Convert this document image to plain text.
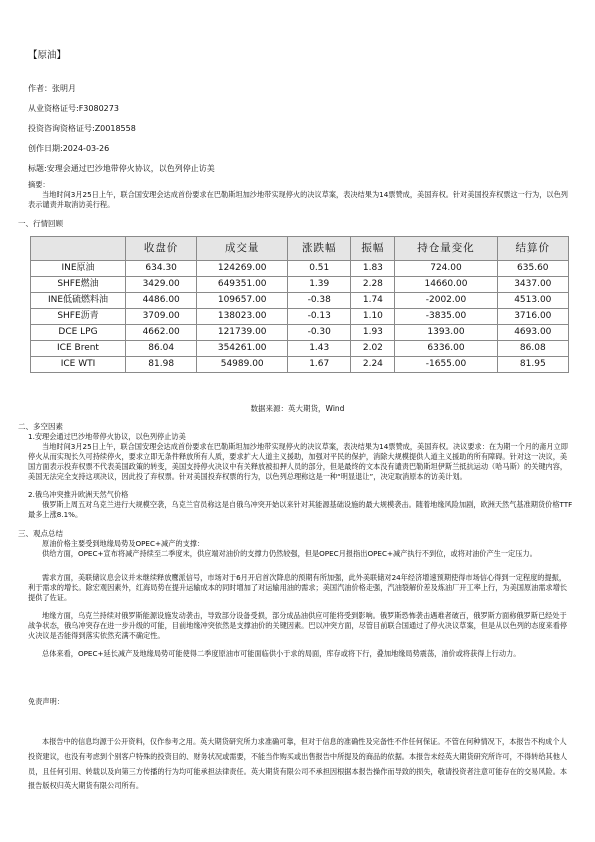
【原油】
作者：张明月
从业资格证号:F3080273
投资咨询资格证号:Z0018558
创作日期:2024-03-26
标题:安理会通过巴沙地带停火协议，以色列停止访美
摘要：
当地时间3月25日上午，联合国安理会达成首份要求在巴勒斯坦加沙地带实现停火的决议草案，表决结果为14票赞成，美国弃权。针对美国投弃权票这一行为，以色列表示谴责并取消访美行程。
一、行情回顾
	收盘价	成交量	涨跌幅	振幅	持仓量变化	结算价
INE原油	634.30	124269.00	0.51	1.83	724.00	635.60
SHFE燃油	3429.00	649351.00	1.39	2.28	14660.00	3437.00
INE低硫燃料油	4486.00	109657.00	-0.38	1.74	-2002.00	4513.00
SHFE沥青	3709.00	138023.00	-0.13	1.10	-3835.00	3716.00
DCE LPG	4662.00	121739.00	-0.30	1.93	1393.00	4693.00
ICE Brent	86.04	354261.00	1.43	2.02	6336.00	86.08
ICE WTI	81.98	54989.00	1.67	2.24	-1655.00	81.95
数据来源：英大期货，Wind
二、多空因素
1.安理会通过巴沙地带停火协议，以色列停止访美
当地时间3月25日上午，联合国安理会达成首份要求在巴勒斯坦加沙地带实现停火的决议草案，表决结果为14票赞成，美国弃权。决议要求：在为期一个月的斋月立即停火从而实现长久可持续停火，要求立即无条件释放所有人质，要求扩大人道主义援助，加强对平民的保护，消除大规模提供人道主义援助的所有障碍。针对这一决议，美国方面表示投弃权票不代表美国政策的转变，美国支持停火决议中有关释放被扣押人员的部分，但是最终的文本没有谴责巴勒斯坦伊斯兰抵抗运动（哈马斯）的关键内容，美国无法完全支持这项决议，因此投了弃权票。针对美国投弃权票的行为，以色列总理称这是一种“明显退让”，决定取消原本的访美计划。
2.俄乌冲突推升欧洲天然气价格
俄罗斯上周五对乌克兰进行大规模空袭，乌克兰官员称这是自俄乌冲突开始以来针对其能源基础设施的最大规模袭击。随着地缘风险加剧，欧洲天然气基准期货价格TTF最多上涨8.1%。
三、观点总结
原油价格主要受到地缘局势及OPEC+减产的支撑：
供给方面，OPEC+宣布将减产持续至二季度末，供应端对油价的支撑力仍然较强，但是OPEC月报指出OPEC+减产执行不到位，或将对油价产生一定压力。
需求方面，美联储议息会议并未继续释放鹰派信号，市场对于6月开启首次降息的预期有所加强，此外美联储对24年经济增速预期使得市场信心得到一定程度的提振，利于需求的增长。除宏观因素外，红海局势在提升运输成本的同时增加了对运输用油的需求；美国汽油价格走强，汽油裂解价差及炼油厂开工率上行，为美国原油需求增长提供了佐证。
地缘方面，乌克兰持续对俄罗斯能源设施发动袭击，导致部分设备受损，部分成品油供应可能将受到影响。俄罗斯恐怖袭击遇难者破百，俄罗斯方面称俄罗斯已经处于战争状态，俄乌冲突存在进一步升级的可能，目前地缘冲突依然是支撑油价的关键因素。巴以冲突方面，尽管目前联合国通过了停火决议草案，但是从以色列的态度来看停火决议是否能得到落实依然充满不确定性。
总体来看，OPEC+延长减产及地缘局势可能使得二季度原油市可能面临供小于求的局面，库存或将下行，叠加地缘局势震荡，油价或将获得上行动力。
免责声明：
本报告中的信息均源于公开资料，仅作参考之用。英大期货研究所力求准确可靠，但对于信息的准确性及完备性不作任何保证。不管在何种情况下，本报告不构成个人投资建议，也没有考虑到个别客户特殊的投资目的、财务状况或需要，不能当作购买或出售报告中所提及的商品的依据。本报告未经英大期货研究所许可，不得转给其他人员，且任何引用、转载以及向第三方传播的行为均可能承担法律责任。英大期货有限公司不承担因根据本报告操作而导致的损失，敬请投资者注意可能存在的交易风险。本报告版权归英大期货有限公司所有。
